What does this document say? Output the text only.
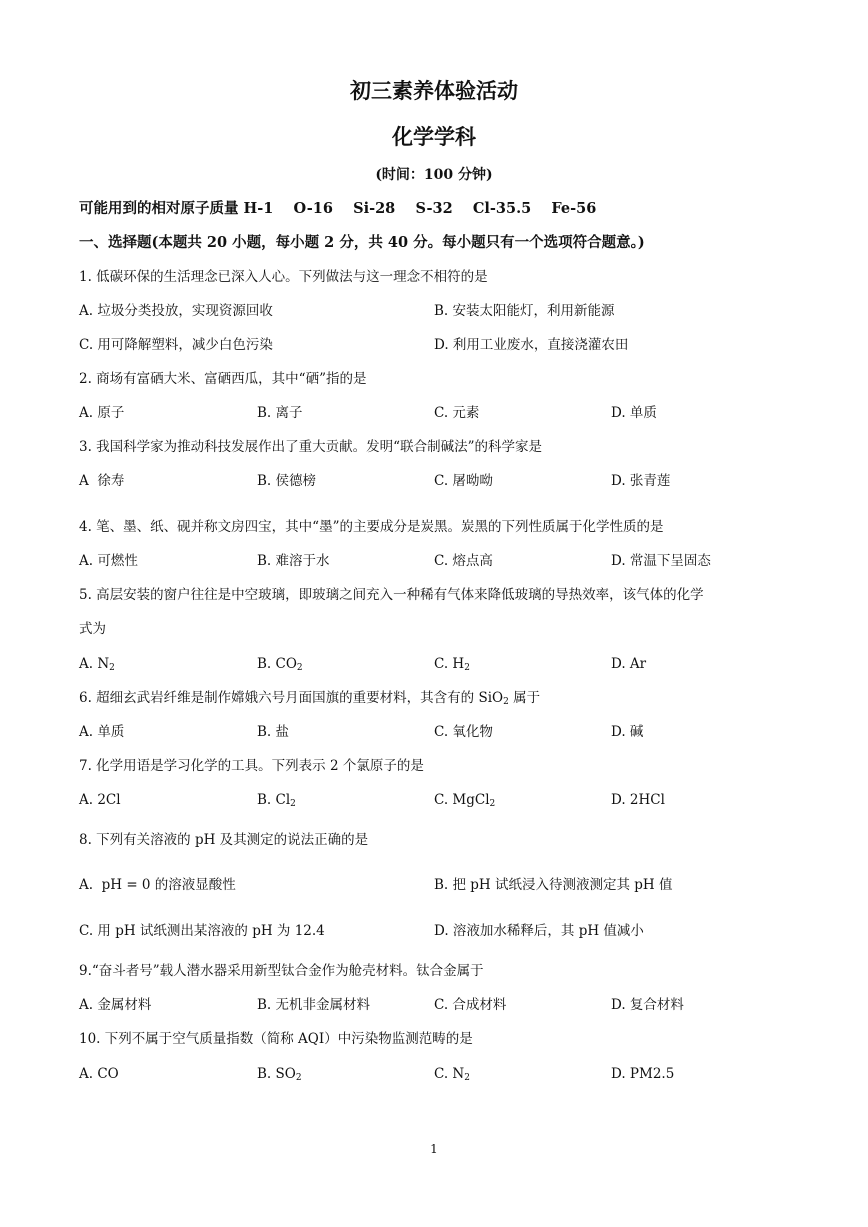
初三素养体验活动
化学学科
(时间：100 分钟)
可能用到的相对原子质量 H-1    O-16    Si-28    S-32    Cl-35.5    Fe-56
一、选择题(本题共 20 小题，每小题 2 分，共 40 分。每小题只有一个选项符合题意。)
1. 低碳环保的生活理念已深入人心。下列做法与这一理念不相符的是
A. 垃圾分类投放，实现资源回收	B. 安装太阳能灯，利用新能源
C. 用可降解塑料，减少白色污染	D. 利用工业废水，直接浇灌农田
2. 商场有富硒大米、富硒西瓜，其中“硒”指的是
A. 原子	B. 离子	C. 元素	D. 单质
3. 我国科学家为推动科技发展作出了重大贡献。发明“联合制碱法”的科学家是
A  徐寿	B. 侯德榜	C. 屠呦呦	D. 张青莲
4. 笔、墨、纸、砚并称文房四宝，其中“墨”的主要成分是炭黑。炭黑的下列性质属于化学性质的是
A. 可燃性	B. 难溶于水	C. 熔点高	D. 常温下呈固态
5. 高层安装的窗户往往是中空玻璃，即玻璃之间充入一种稀有气体来降低玻璃的导热效率，该气体的化学
式为
A. $N_2$	B. $CO_2$	C. $H_2$	D. Ar
6. 超细玄武岩纤维是制作嫦娥六号月面国旗的重要材料，其含有的 SiO$_2$ 属于
A. 单质	B. 盐	C. 氧化物	D. 碱
7. 化学用语是学习化学的工具。下列表示 2 个氯原子的是
A. 2Cl	B. $Cl_2$	C. MgCl$_2$	D. 2HCl
8. 下列有关溶液的 pH 及其测定的说法正确的是
A.  pH = 0 的溶液显酸性	B. 把 pH 试纸浸入待测液测定其 pH 值
C. 用 pH 试纸测出某溶液的 pH 为 12.4	D. 溶液加水稀释后，其 pH 值减小
9.“奋斗者号”载人潜水器采用新型钛合金作为舱壳材料。钛合金属于
A. 金属材料	B. 无机非金属材料	C. 合成材料	D. 复合材料
10. 下列不属于空气质量指数（简称 AQI）中污染物监测范畴的是
A. CO	B. $SO_2$	C. $N_2$	D. PM2.5
1
